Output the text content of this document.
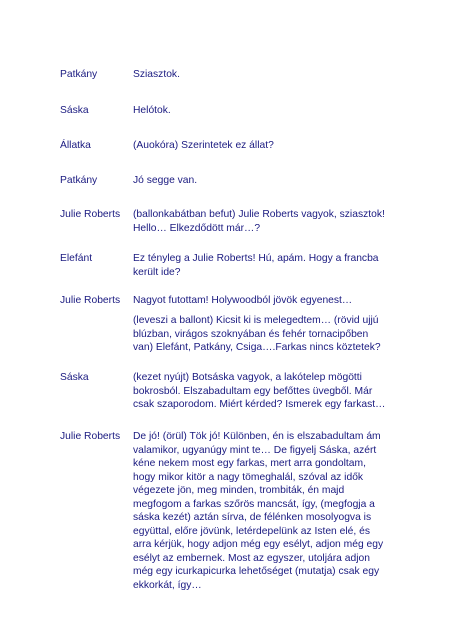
Patkány	Sziasztok.
Sáska	Helótok.
Állatka	(Auokóra) Szerintetek ez állat?
Patkány	Jó segge van.
Julie Roberts	(ballonkabátban befut) Julie Roberts vagyok, sziasztok!
Hello… Elkezdődött már…?
Elefánt	Ez tényleg a Julie Roberts! Hú, apám. Hogy a francba
került ide?
Julie Roberts	Nagyot futottam! Holywoodból jövök egyenest…
(leveszi a ballont) Kicsit ki is melegedtem… (rövid ujjú
blúzban, virágos szoknyában és fehér tornacipőben
van) Elefánt, Patkány, Csiga….Farkas nincs köztetek?
Sáska	(kezet nyújt) Botsáska vagyok, a lakótelep mögötti
bokrosból. Elszabadultam egy befőttes üvegből. Már
csak szaporodom. Miért kérded? Ismerek egy farkast…
Julie Roberts	De jó! (örül) Tök jó! Különben, én is elszabadultam ám
valamikor, ugyanúgy mint te… De figyelj Sáska, azért
kéne nekem most egy farkas, mert arra gondoltam,
hogy mikor kitör a nagy tömeghalál, szóval az idők
végezete jön, meg minden, trombiták, én majd
megfogom a farkas szőrös mancsát, így, (megfogja a
sáska kezét) aztán sírva, de félénken mosolyogva is
együttal, előre jövünk, letérdepelünk az Isten elé, és
arra kérjük, hogy adjon még egy esélyt, adjon még egy
esélyt az embernek. Most az egyszer, utoljára adjon
még egy icurkapicurka lehetőséget (mutatja) csak egy
ekkorkát, így…
